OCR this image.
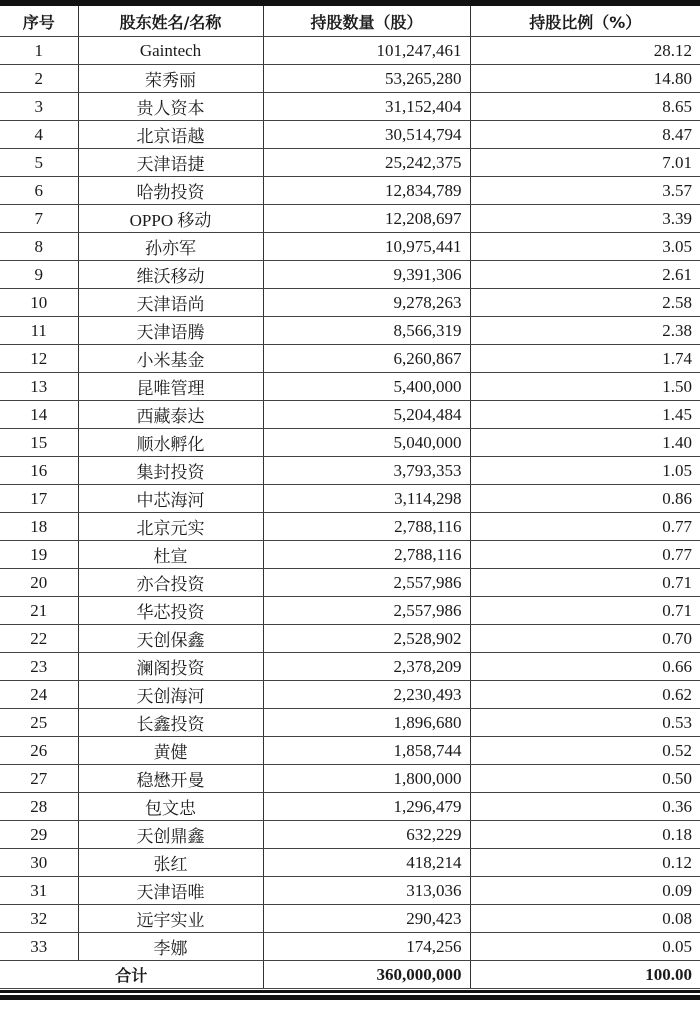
序号	股东姓名/名称	持股数量（股）	持股比例（%）
1	Gaintech	101,247,461	28.12
2	荣秀丽	53,265,280	14.80
3	贵人资本	31,152,404	8.65
4	北京语越	30,514,794	8.47
5	天津语捷	25,242,375	7.01
6	哈勃投资	12,834,789	3.57
7	OPPO 移动	12,208,697	3.39
8	孙亦军	10,975,441	3.05
9	维沃移动	9,391,306	2.61
10	天津语尚	9,278,263	2.58
11	天津语腾	8,566,319	2.38
12	小米基金	6,260,867	1.74
13	昆唯管理	5,400,000	1.50
14	西藏泰达	5,204,484	1.45
15	顺水孵化	5,040,000	1.40
16	集封投资	3,793,353	1.05
17	中芯海河	3,114,298	0.86
18	北京元实	2,788,116	0.77
19	杜宣	2,788,116	0.77
20	亦合投资	2,557,986	0.71
21	华芯投资	2,557,986	0.71
22	天创保鑫	2,528,902	0.70
23	澜阁投资	2,378,209	0.66
24	天创海河	2,230,493	0.62
25	长鑫投资	1,896,680	0.53
26	黄健	1,858,744	0.52
27	稳懋开曼	1,800,000	0.50
28	包文忠	1,296,479	0.36
29	天创鼎鑫	632,229	0.18
30	张红	418,214	0.12
31	天津语唯	313,036	0.09
32	远宇实业	290,423	0.08
33	李娜	174,256	0.05
合计		360,000,000	100.00
